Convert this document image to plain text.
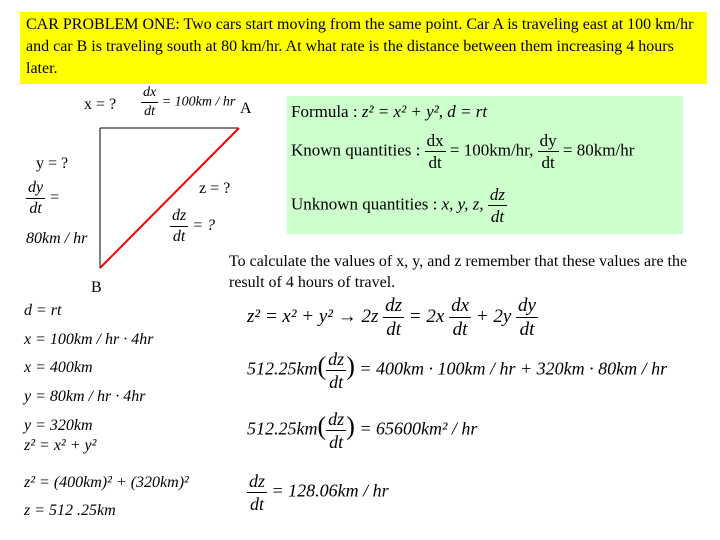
CAR PROBLEM ONE: Two cars start moving from the same point. Car A is traveling east at 100 km/hr and car B is traveling south at 80 km/hr. At what rate is the distance between them increasing 4 hours later.
x = ? $\frac{dx}{dt} = 100km$ / hr A
y = ?
$\frac{dy}{dt}$ =
80km / hr
z = ?
$\frac{dz}{dt}$ = ?
B
Formula : z² = x² + y², d = rt
Known quantities : $\frac{dx}{dt} = 100km/hr$, $\frac{dy}{dt} = 80km/hr$
Unknown quantities : x, y, z, $\frac{dz}{dt}$
To calculate the values of x, y, and z remember that these values are the result of 4 hours of travel.
d = rt
x = 100km / hr · 4hr
x = 400km
y = 80km / hr · 4hr
y = 320km
z² = x² + y²
z² = (400km)² + (320km)²
z = 512 .25km
$z^2 = x^2 + y^2 \to 2z \frac{dz}{dt} = 2x \frac{dx}{dt} + 2y \frac{dy}{dt}$
$512.25km( \frac{dz}{dt}$ ) = 400km · 100km / hr + 320km · 80km / hr
$512.25km( \frac{dz}{dt}$ ) = 65600km² / hr
$\frac{dz}{dt} = 128.06km$ / hr
